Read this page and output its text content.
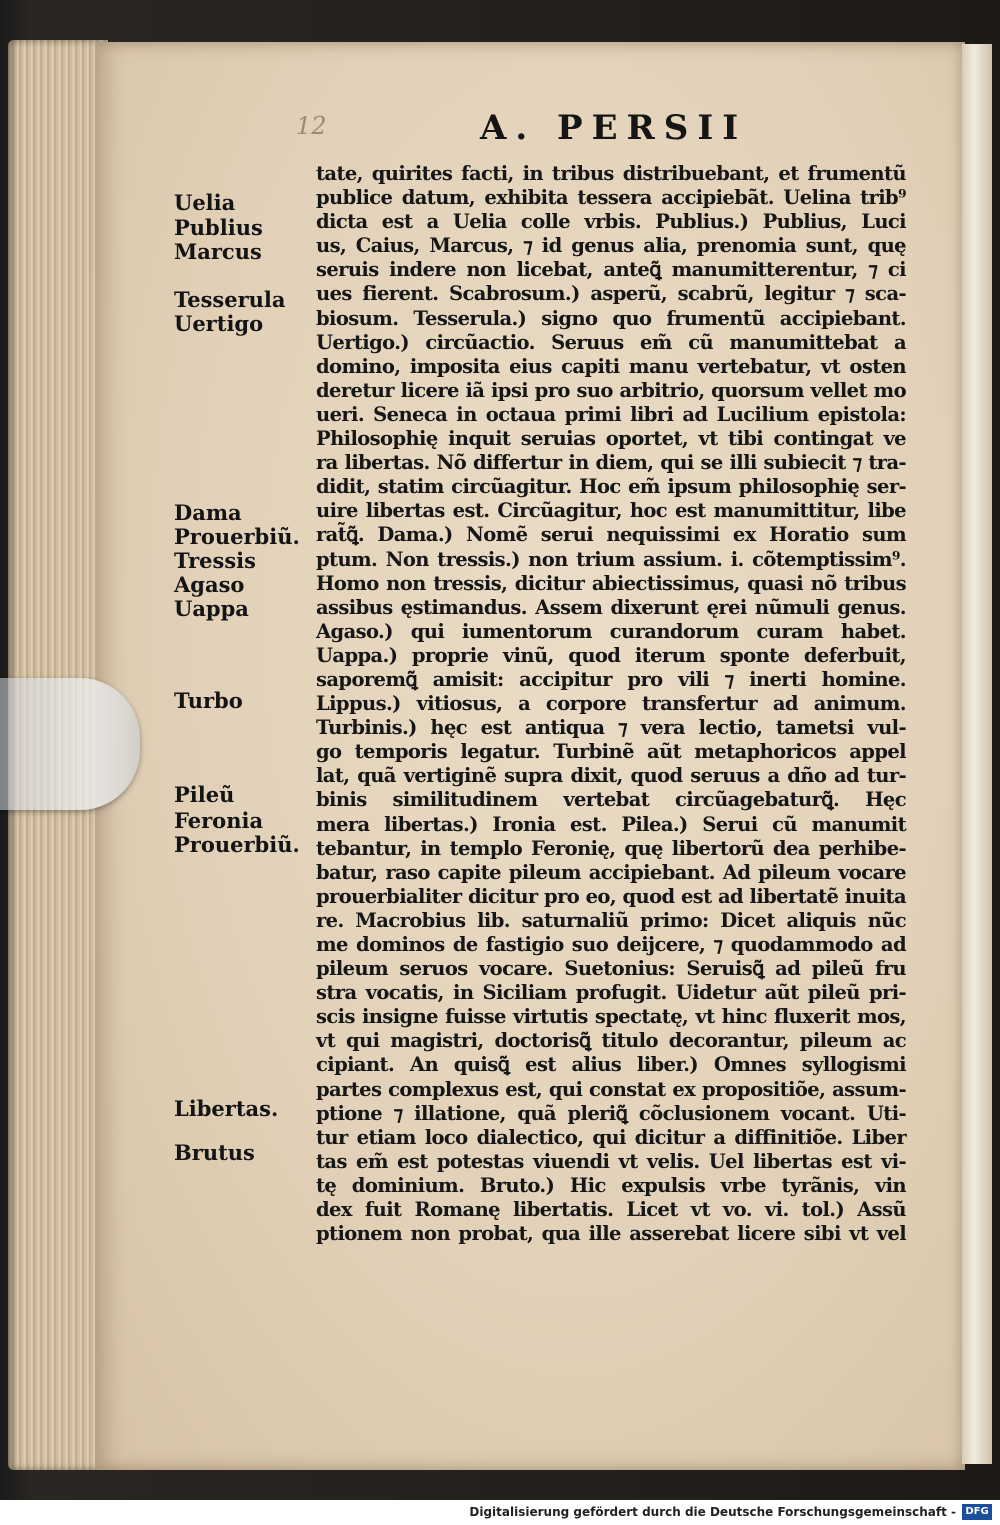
12	A. PERSII
Uelia
Publius
Marcus
Tesserula
Uertigo
Dama
Prouerbiũ.
Tressis
Agaso
Uappa
Turbo
Pileũ
Feronia
Prouerbiũ.
Libertas.
Brutus
tate, quirites facti, in tribus distribuebant, et frumentũ
publice datum, exhibita tessera accipiebãt. Uelina trib⁹
dicta est a Uelia colle vrbis. Publius.) Publius, Luci
us, Caius, Marcus, ⁊ id genus alia, prenomia sunt, quę
seruis indere non licebat, anteꝗ̃ manumitterentur, ⁊ ci
ues fierent. Scabrosum.) asperũ, scabrũ, legitur ⁊ sca-
biosum. Tesserula.) signo quo frumentũ accipiebant.
Uertigo.) circũactio. Seruus em̃ cũ manumittebat a
domino, imposita eius capiti manu vertebatur, vt osten
deretur licere iã ipsi pro suo arbitrio, quorsum vellet mo
ueri. Seneca in octaua primi libri ad Lucilium epistola:
Philosophię inquit seruias oportet, vt tibi contingat ve
ra libertas. Nõ differtur in diem, qui se illi subiecit ⁊ tra-
didit, statim circũagitur. Hoc em̃ ipsum philosophię ser-
uire libertas est. Circũagitur, hoc est manumittitur, libe
rat̃ꝗ̃. Dama.) Nomẽ serui nequissimi ex Horatio sum
ptum. Non tressis.) non trium assium. i. cõtemptissim⁹.
Homo non tressis, dicitur abiectissimus, quasi nõ tribus
assibus ęstimandus. Assem dixerunt ęrei nũmuli genus.
Agaso.) qui iumentorum curandorum curam habet.
Uappa.) proprie vinũ, quod iterum sponte deferbuit,
saporemꝗ̃ amisit: accipitur pro vili ⁊ inerti homine.
Lippus.) vitiosus, a corpore transfertur ad animum.
Turbinis.) hęc est antiqua ⁊ vera lectio, tametsi vul-
go temporis legatur. Turbinẽ aũt metaphoricos appel
lat, quã vertiginẽ supra dixit, quod seruus a dño ad tur-
binis similitudinem vertebat circũagebaturꝗ̃. Hęc
mera libertas.) Ironia est. Pilea.) Serui cũ manumit
tebantur, in templo Feronię, quę libertorũ dea perhibe-
batur, raso capite pileum accipiebant. Ad pileum vocare
prouerbialiter dicitur pro eo, quod est ad libertatẽ inuita
re. Macrobius lib. saturnaliũ primo: Dicet aliquis nũc
me dominos de fastigio suo deijcere, ⁊ quodammodo ad
pileum seruos vocare. Suetonius: Seruisꝗ̃ ad pileũ fru
stra vocatis, in Siciliam profugit. Uidetur aũt pileũ pri-
scis insigne fuisse virtutis spectatę, vt hinc fluxerit mos,
vt qui magistri, doctorisꝗ̃ titulo decorantur, pileum ac
cipiant. An quisꝗ̃ est alius liber.) Omnes syllogismi
partes complexus est, qui constat ex propositiõe, assum-
ptione ⁊ illatione, quã pleriꝗ̃ cõclusionem vocant. Uti-
tur etiam loco dialectico, qui dicitur a diffinitiõe. Liber
tas em̃ est potestas viuendi vt velis. Uel libertas est vi-
tę dominium. Bruto.) Hic expulsis vrbe tyrãnis, vin
dex fuit Romanę libertatis. Licet vt vo. vi. tol.) Assũ
ptionem non probat, qua ille asserebat licere sibi vt vel
Digitalisierung gefördert durch die Deutsche Forschungsgemeinschaft - DFG
